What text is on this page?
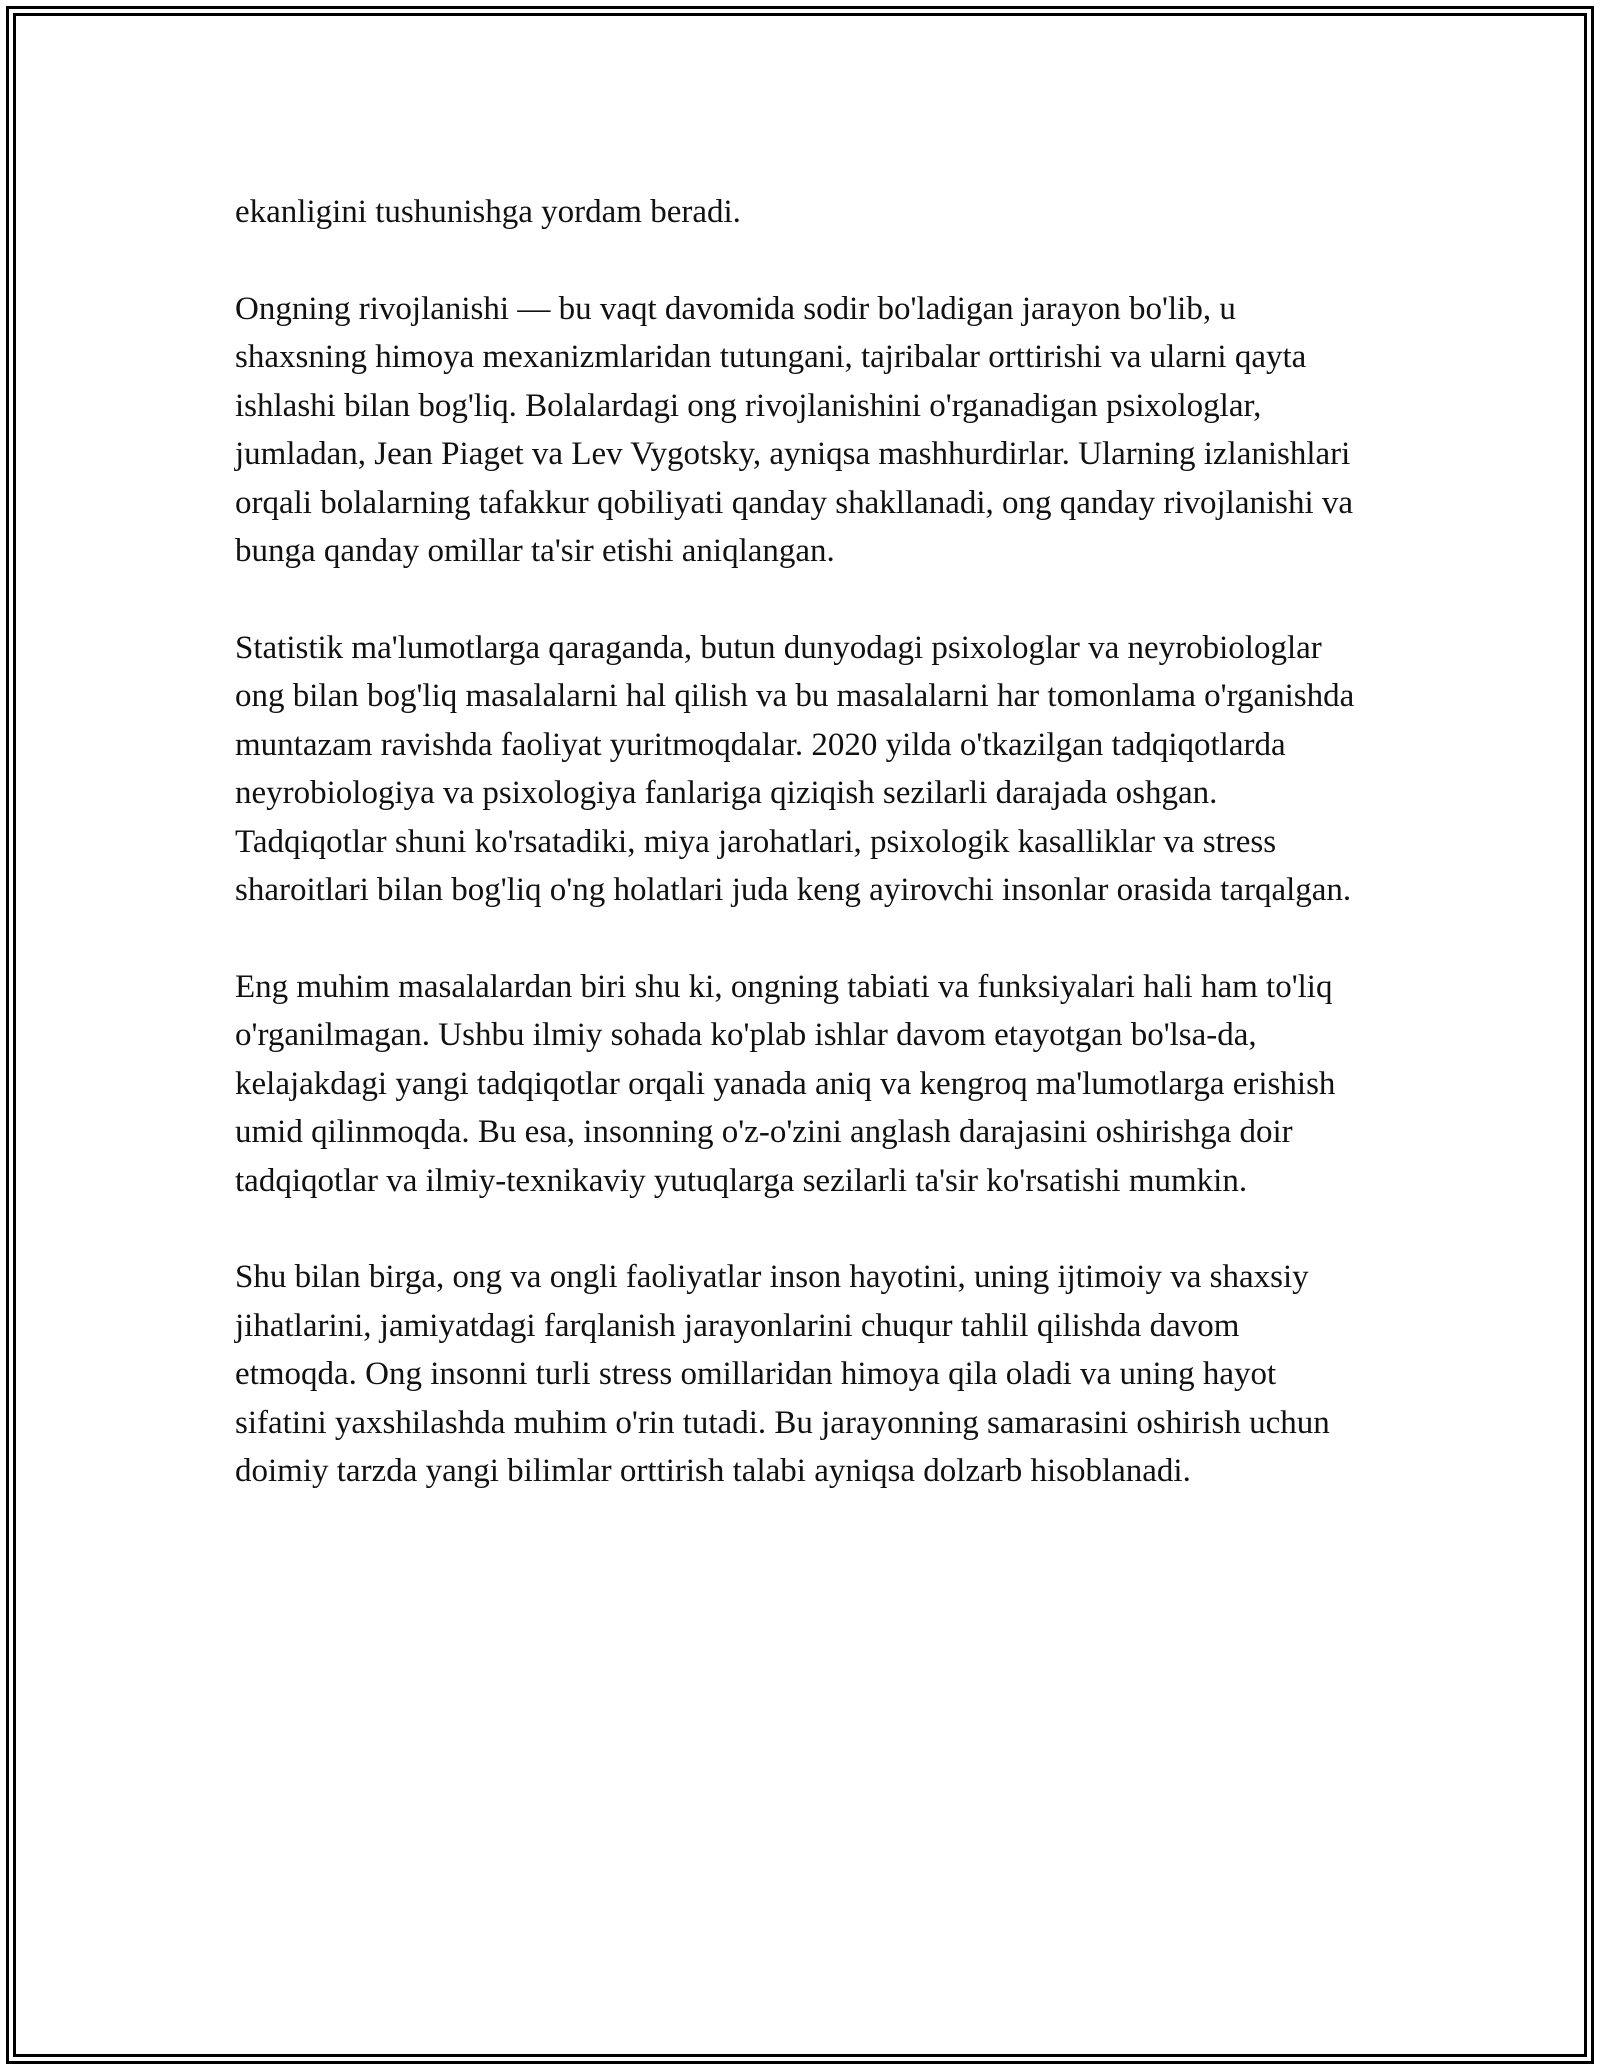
ekanligini tushunishga yordam beradi.

Ongning rivojlanishi — bu vaqt davomida sodir bo'ladigan jarayon bo'lib, u shaxsning himoya mexanizmlaridan tutungani, tajribalar orttirishi va ularni qayta ishlashi bilan bog'liq. Bolalardagi ong rivojlanishini o'rganadigan psixologlar, jumladan, Jean Piaget va Lev Vygotsky, ayniqsa mashhurdirlar. Ularning izlanishlari orqali bolalarning tafakkur qobiliyati qanday shakllanadi, ong qanday rivojlanishi va bunga qanday omillar ta'sir etishi aniqlangan.

Statistik ma'lumotlarga qaraganda, butun dunyodagi psixologlar va neyrobiologlar ong bilan bog'liq masalalarni hal qilish va bu masalalarni har tomonlama o'rganishda muntazam ravishda faoliyat yuritmoqdalar. 2020 yilda o'tkazilgan tadqiqotlarda neyrobiologiya va psixologiya fanlariga qiziqish sezilarli darajada oshgan. Tadqiqotlar shuni ko'rsatadiki, miya jarohatlari, psixologik kasalliklar va stress sharoitlari bilan bog'liq o'ng holatlari juda keng ayirovchi insonlar orasida tarqalgan.

Eng muhim masalalardan biri shu ki, ongning tabiati va funksiyalari hali ham to'liq o'rganilmagan. Ushbu ilmiy sohada ko'plab ishlar davom etayotgan bo'lsa-da, kelajakdagi yangi tadqiqotlar orqali yanada aniq va kengroq ma'lumotlarga erishish umid qilinmoqda. Bu esa, insonning o'z-o'zini anglash darajasini oshirishga doir tadqiqotlar va ilmiy-texnikaviy yutuqlarga sezilarli ta'sir ko'rsatishi mumkin.

Shu bilan birga, ong va ongli faoliyatlar inson hayotini, uning ijtimoiy va shaxsiy jihatlarini, jamiyatdagi farqlanish jarayonlarini chuqur tahlil qilishda davom etmoqda. Ong insonni turli stress omillaridan himoya qila oladi va uning hayot sifatini yaxshilashda muhim o'rin tutadi. Bu jarayonning samarasini oshirish uchun doimiy tarzda yangi bilimlar orttirish talabi ayniqsa dolzarb hisoblanadi.
